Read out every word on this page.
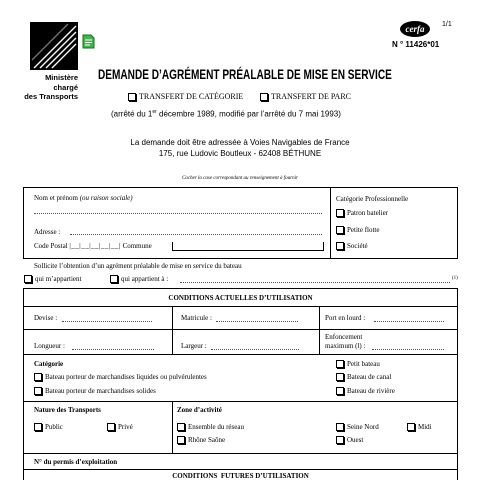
Ministère
chargé
des Transports
cerfa	1/1
N ° 11426*01
DEMANDE D’AGRÉMENT PRÉALABLE DE MISE EN SERVICE
TRANSFERT DE CATÉGORIE	TRANSFERT DE PARC
(arrêté du 1er décembre 1989, modifié par l’arrêté du 7 mai 1993)
La demande doit être adressée à Voies Navigables de France
175, rue Ludovic Boutleux - 62408 BÉTHUNE
Cocher la case correspondant au renseignement à fournir
Nom et prénom (ou raison sociale)
Adresse :
Code Postal |__|__|__|__|__| Commune
Catégorie Professionnelle
Patron batelier
Petite flotte
Société
Sollicite l’obtention d’un agrément préalable de mise en service du bateau
qui m’appartient	qui appartient à :	(1)
CONDITIONS ACTUELLES D’UTILISATION
Devise :	Matricule :	Port en lourd :
Longueur :	Largeur :
Enfoncement
maximum (l) :
Catégorie
Bateau porteur de marchandises liquides ou pulvérulentes
Bateau porteur de marchandises solides
Petit bateau
Bateau de canal
Bateau de rivière
Nature des Transports
Public	Privé
Zone d’activité
Ensemble du réseau
Rhône Saône
Seine Nord	Midi
Ouest
N° du permis d’exploitation
CONDITIONS  FUTURES D’UTILISATION
